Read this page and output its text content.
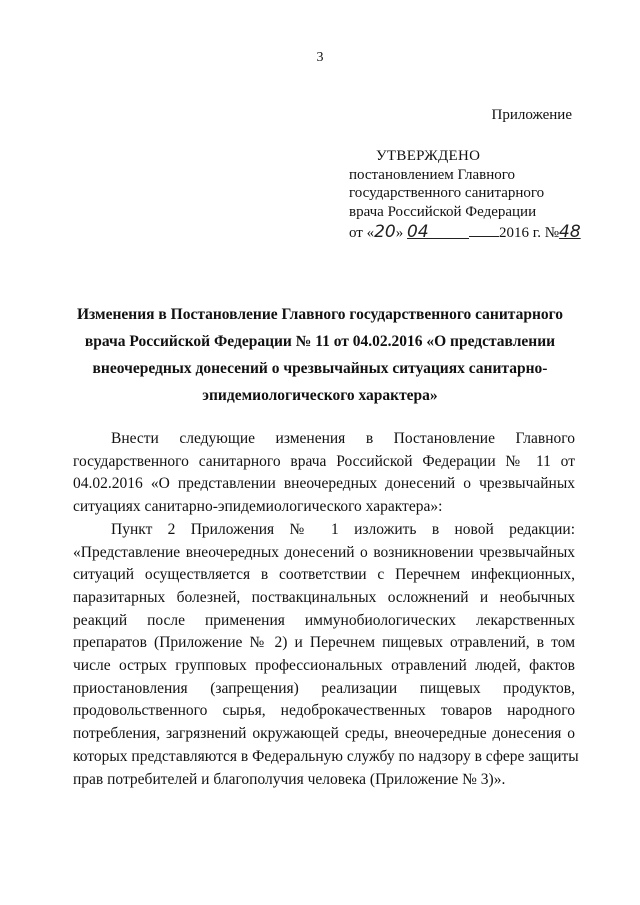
3
Приложение
УТВЕРЖДЕНО
постановлением Главного
государственного санитарного
врача Российской Федерации
от «20» 04	2016 г. №48
Изменения в Постановление Главного государственного санитарного
врача Российской Федерации № 11 от 04.02.2016 «О представлении
внеочередных донесений о чрезвычайных ситуациях санитарно-
эпидемиологического характера»

Внести следующие изменения в Постановление Главного
государственного санитарного врача Российской Федерации № 11 от
04.02.2016 «О представлении внеочередных донесений о чрезвычайных
ситуациях санитарно-эпидемиологического характера»:

Пункт 2 Приложения № 1 изложить в новой редакции:
«Представление внеочередных донесений о возникновении чрезвычайных
ситуаций осуществляется в соответствии с Перечнем инфекционных,
паразитарных болезней, поствакцинальных осложнений и необычных
реакций после применения иммунобиологических лекарственных
препаратов (Приложение № 2) и Перечнем пищевых отравлений, в том
числе острых групповых профессиональных отравлений людей, фактов
приостановления (запрещения) реализации пищевых продуктов,
продовольственного сырья, недоброкачественных товаров народного
потребления, загрязнений окружающей среды, внеочередные донесения о
которых представляются в Федеральную службу по надзору в сфере защиты
прав потребителей и благополучия человека (Приложение № 3)».
